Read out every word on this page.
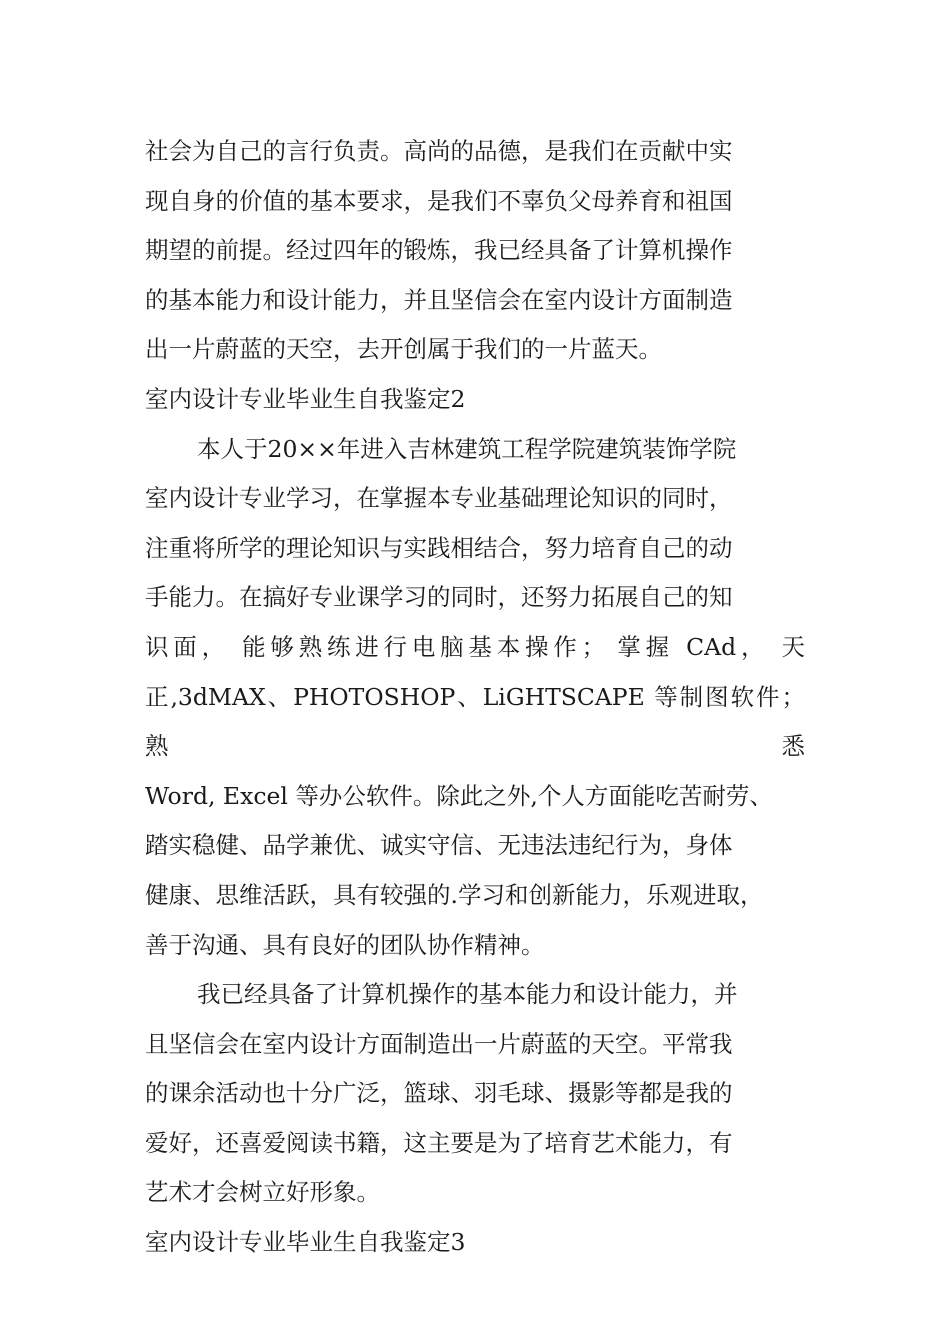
社会为自己的言行负责。高尚的品德，是我们在贡献中实
现自身的价值的基本要求，是我们不辜负父母养育和祖国
期望的前提。经过四年的锻炼，我已经具备了计算机操作
的基本能力和设计能力，并且坚信会在室内设计方面制造
出一片蔚蓝的天空，去开创属于我们的一片蓝天。

室内设计专业毕业生自我鉴定2

本人于20××年进入吉林建筑工程学院建筑装饰学院
室内设计专业学习，在掌握本专业基础理论知识的同时，
注重将所学的理论知识与实践相结合，努力培育自己的动
手能力。在搞好专业课学习的同时，还努力拓展自己的知
识面， 能够熟练进行电脑基本操作； 掌握 CAd， 天
正,3dMAX、PHOTOSHOP、LiGHTSCAPE 等制图软件；熟悉
Word, Excel 等办公软件。除此之外,个人方面能吃苦耐劳、
踏实稳健、品学兼优、诚实守信、无违法违纪行为，身体
健康、思维活跃，具有较强的.学习和创新能力，乐观进取，
善于沟通、具有良好的团队协作精神。

我已经具备了计算机操作的基本能力和设计能力，并
且坚信会在室内设计方面制造出一片蔚蓝的天空。平常我
的课余活动也十分广泛，篮球、羽毛球、摄影等都是我的
爱好，还喜爱阅读书籍，这主要是为了培育艺术能力，有
艺术才会树立好形象。

室内设计专业毕业生自我鉴定3
